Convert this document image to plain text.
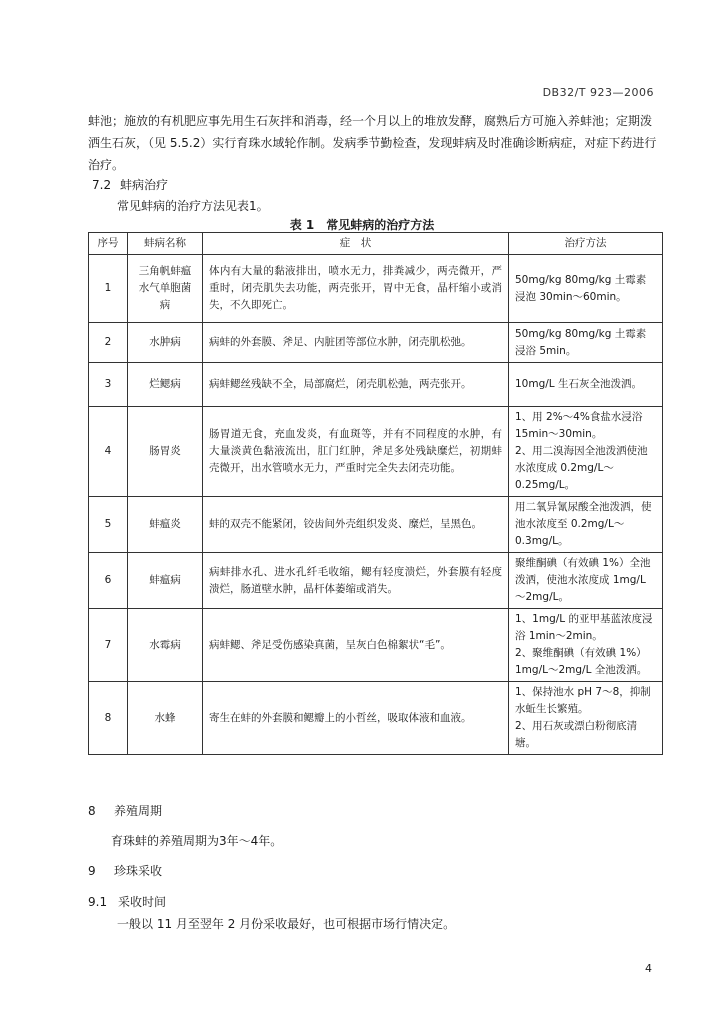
DB32/T 923—2006
蚌池；施放的有机肥应事先用生石灰拌和消毒，经一个月以上的堆放发酵，腐熟后方可施入养蚌池；定期泼洒生石灰，（见 5.5.2）实行育珠水域轮作制。发病季节勤检查，发现蚌病及时准确诊断病症，对症下药进行治疗。
7.2 蚌病治疗
常见蚌病的治疗方法见表1。
表 1　常见蚌病的治疗方法
序号	蚌病名称	症　状	治疗方法
1	三角帆蚌瘟水气单胞菌病	体内有大量的黏液排出，喷水无力，排粪减少，两壳微开，严重时，闭壳肌失去功能，两壳张开，胃中无食，晶杆缩小或消失，不久即死亡。	50mg/kg 80mg/kg 土霉素浸泡 30min～60min。
2	水肿病	病蚌的外套膜、斧足、内脏团等部位水肿，闭壳肌松弛。	50mg/kg 80mg/kg 土霉素浸浴 5min。
3	烂鳃病	病蚌鳃丝残缺不全，局部腐烂，闭壳肌松弛，两壳张开。	10mg/L 生石灰全池泼洒。
4	肠胃炎	肠胃道无食，充血发炎，有血斑等，并有不同程度的水肿，有大量淡黄色黏液流出，肛门红肿，斧足多处残缺糜烂，初期蚌壳微开，出水管喷水无力，严重时完全失去闭壳功能。	1、用 2%～4%食盐水浸浴15min～30min。
2、用二溴海因全池泼洒使池水浓度成 0.2mg/L～0.25mg/L。
5	蚌瘟炎	蚌的双壳不能紧闭，铰齿间外壳组织发炎、糜烂，呈黑色。	用二氧异氰尿酸全池泼洒，使池水浓度至 0.2mg/L～0.3mg/L。
6	蚌瘟病	病蚌排水孔、进水孔纤毛收缩，鳃有轻度溃烂，外套膜有轻度溃烂，肠道壁水肿，晶杆体萎缩或消失。	聚维酮碘（有效碘 1%）全池泼洒，使池水浓度成 1mg/L～2mg/L。
7	水霉病	病蚌鳃、斧足受伤感染真菌，呈灰白色棉絮状“毛”。	1、1mg/L 的亚甲基蓝浓度浸浴 1min～2min。
2、聚维酮碘（有效碘 1%）1mg/L～2mg/L 全池泼洒。
8	水蜂	寄生在蚌的外套膜和鳃瓣上的小哲丝，吸取体液和血液。	1、保持池水 pH 7～8，抑制水蚯生长繁殖。
2、用石灰或漂白粉彻底清塘。
8 养殖周期
育珠蚌的养殖周期为3年～4年。
9 珍珠采收
9.1 采收时间
一般以 11 月至翌年 2 月份采收最好，也可根据市场行情决定。
4
